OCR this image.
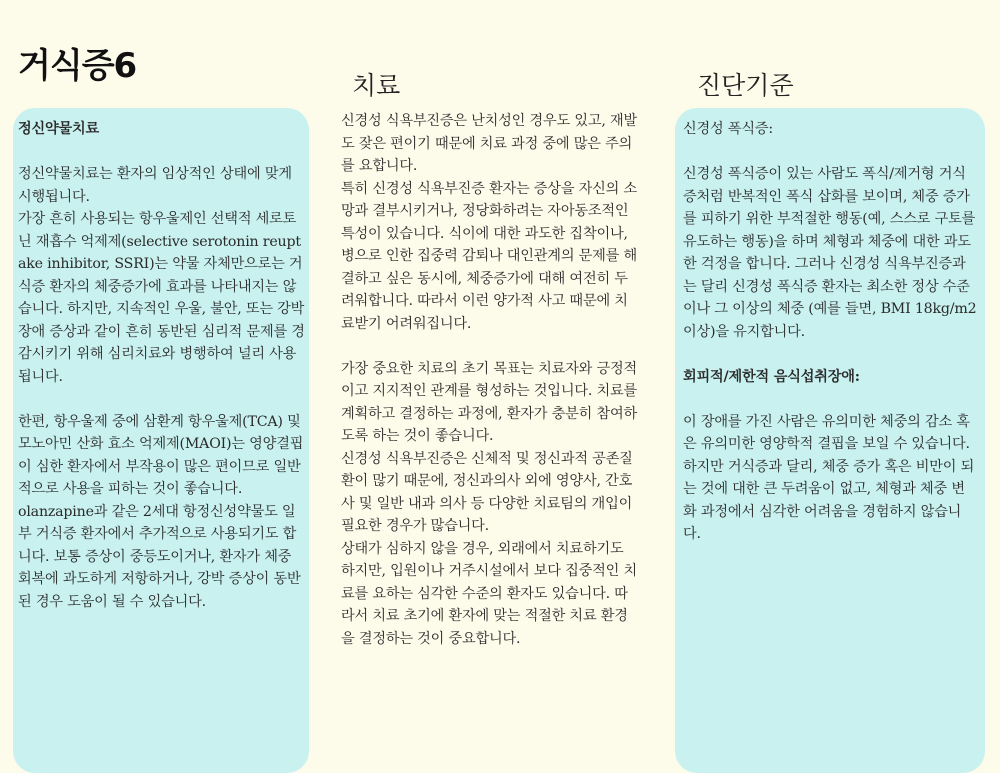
거식증6	치료	진단기준

정신약물치료

정신약물치료는 환자의 임상적인 상태에 맞게 시행됩니다.

가장 흔히 사용되는 항우울제인 선택적 세로토닌 재흡수 억제제(selective serotonin reuptake inhibitor, SSRI)는 약물 자체만으로는 거식증 환자의 체중증가에 효과를 나타내지는 않습니다. 하지만, 지속적인 우울, 불안, 또는 강박장애 증상과 같이 흔히 동반된 심리적 문제를 경감시키기 위해 심리치료와 병행하여 널리 사용됩니다.

한편, 항우울제 중에 삼환계 항우울제(TCA) 및 모노아민 산화 효소 억제제(MAOI)는 영양결핍이 심한 환자에서 부작용이 많은 편이므로 일반적으로 사용을 피하는 것이 좋습니다.

olanzapine과 같은 2세대 항정신성약물도 일부 거식증 환자에서 추가적으로 사용되기도 합니다. 보통 증상이 중등도이거나, 환자가 체중 회복에 과도하게 저항하거나, 강박 증상이 동반된 경우 도움이 될 수 있습니다.

신경성 식욕부진증은 난치성인 경우도 있고, 재발도 잦은 편이기 때문에 치료 과정 중에 많은 주의를 요합니다.

특히 신경성 식욕부진증 환자는 증상을 자신의 소망과 결부시키거나, 정당화하려는 자아동조적인 특성이 있습니다. 식이에 대한 과도한 집착이나, 병으로 인한 집중력 감퇴나 대인관계의 문제를 해결하고 싶은 동시에, 체중증가에 대해 여전히 두려워합니다. 따라서 이런 양가적 사고 때문에 치료받기 어려워집니다.

가장 중요한 치료의 초기 목표는 치료자와 긍정적이고 지지적인 관계를 형성하는 것입니다. 치료를 계획하고 결정하는 과정에, 환자가 충분히 참여하도록 하는 것이 좋습니다.

신경성 식욕부진증은 신체적 및 정신과적 공존질환이 많기 때문에, 정신과의사 외에 영양사, 간호사 및 일반 내과 의사 등 다양한 치료팀의 개입이 필요한 경우가 많습니다.

상태가 심하지 않을 경우, 외래에서 치료하기도 하지만, 입원이나 거주시설에서 보다 집중적인 치료를 요하는 심각한 수준의 환자도 있습니다. 따라서 치료 초기에 환자에 맞는 적절한 치료 환경을 결정하는 것이 중요합니다.

신경성 폭식증:

신경성 폭식증이 있는 사람도 폭식/제거형 거식증처럼 반복적인 폭식 삽화를 보이며, 체중 증가를 피하기 위한 부적절한 행동(예, 스스로 구토를 유도하는 행동)을 하며 체형과 체중에 대한 과도한 걱정을 합니다. 그러나 신경성 식욕부진증과는 달리 신경성 폭식증 환자는 최소한 정상 수준이나 그 이상의 체중 (예를 들면, BMI 18kg/m2이상)을 유지합니다.

회피적/제한적 음식섭취장애:

이 장애를 가진 사람은 유의미한 체중의 감소 혹은 유의미한 영양학적 결핍을 보일 수 있습니다.

하지만 거식증과 달리, 체중 증가 혹은 비만이 되는 것에 대한 큰 두려움이 없고, 체형과 체중 변화 과정에서 심각한 어려움을 경험하지 않습니다.
